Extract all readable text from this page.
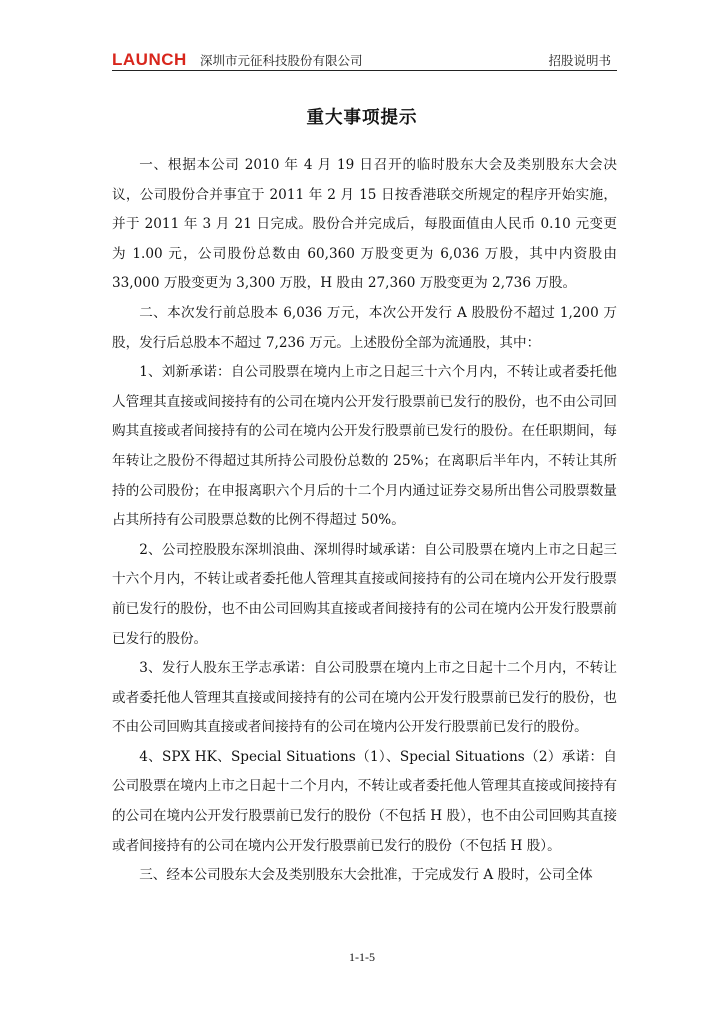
LAUNCH 深圳市元征科技股份有限公司	招股说明书
重大事项提示

一、根据本公司 2010 年 4 月 19 日召开的临时股东大会及类别股东大会决议，公司股份合并事宜于 2011 年 2 月 15 日按香港联交所规定的程序开始实施，并于 2011 年 3 月 21 日完成。股份合并完成后，每股面值由人民币 0.10 元变更为 1.00 元，公司股份总数由 60,360 万股变更为 6,036 万股，其中内资股由 33,000 万股变更为 3,300 万股，H 股由 27,360 万股变更为 2,736 万股。

二、本次发行前总股本 6,036 万元，本次公开发行 A 股股份不超过 1,200 万股，发行后总股本不超过 7,236 万元。上述股份全部为流通股，其中：

1、刘新承诺：自公司股票在境内上市之日起三十六个月内，不转让或者委托他人管理其直接或间接持有的公司在境内公开发行股票前已发行的股份，也不由公司回购其直接或者间接持有的公司在境内公开发行股票前已发行的股份。在任职期间，每年转让之股份不得超过其所持公司股份总数的 25%；在离职后半年内，不转让其所持的公司股份；在申报离职六个月后的十二个月内通过证券交易所出售公司股票数量占其所持有公司股票总数的比例不得超过 50%。

2、公司控股股东深圳浪曲、深圳得时域承诺：自公司股票在境内上市之日起三十六个月内，不转让或者委托他人管理其直接或间接持有的公司在境内公开发行股票前已发行的股份，也不由公司回购其直接或者间接持有的公司在境内公开发行股票前已发行的股份。

3、发行人股东王学志承诺：自公司股票在境内上市之日起十二个月内，不转让或者委托他人管理其直接或间接持有的公司在境内公开发行股票前已发行的股份，也不由公司回购其直接或者间接持有的公司在境内公开发行股票前已发行的股份。

4、SPX HK、Special Situations（1）、Special Situations（2）承诺：自公司股票在境内上市之日起十二个月内，不转让或者委托他人管理其直接或间接持有的公司在境内公开发行股票前已发行的股份（不包括 H 股），也不由公司回购其直接或者间接持有的公司在境内公开发行股票前已发行的股份（不包括 H 股）。

三、经本公司股东大会及类别股东大会批准，于完成发行 A 股时，公司全体

1-1-5
